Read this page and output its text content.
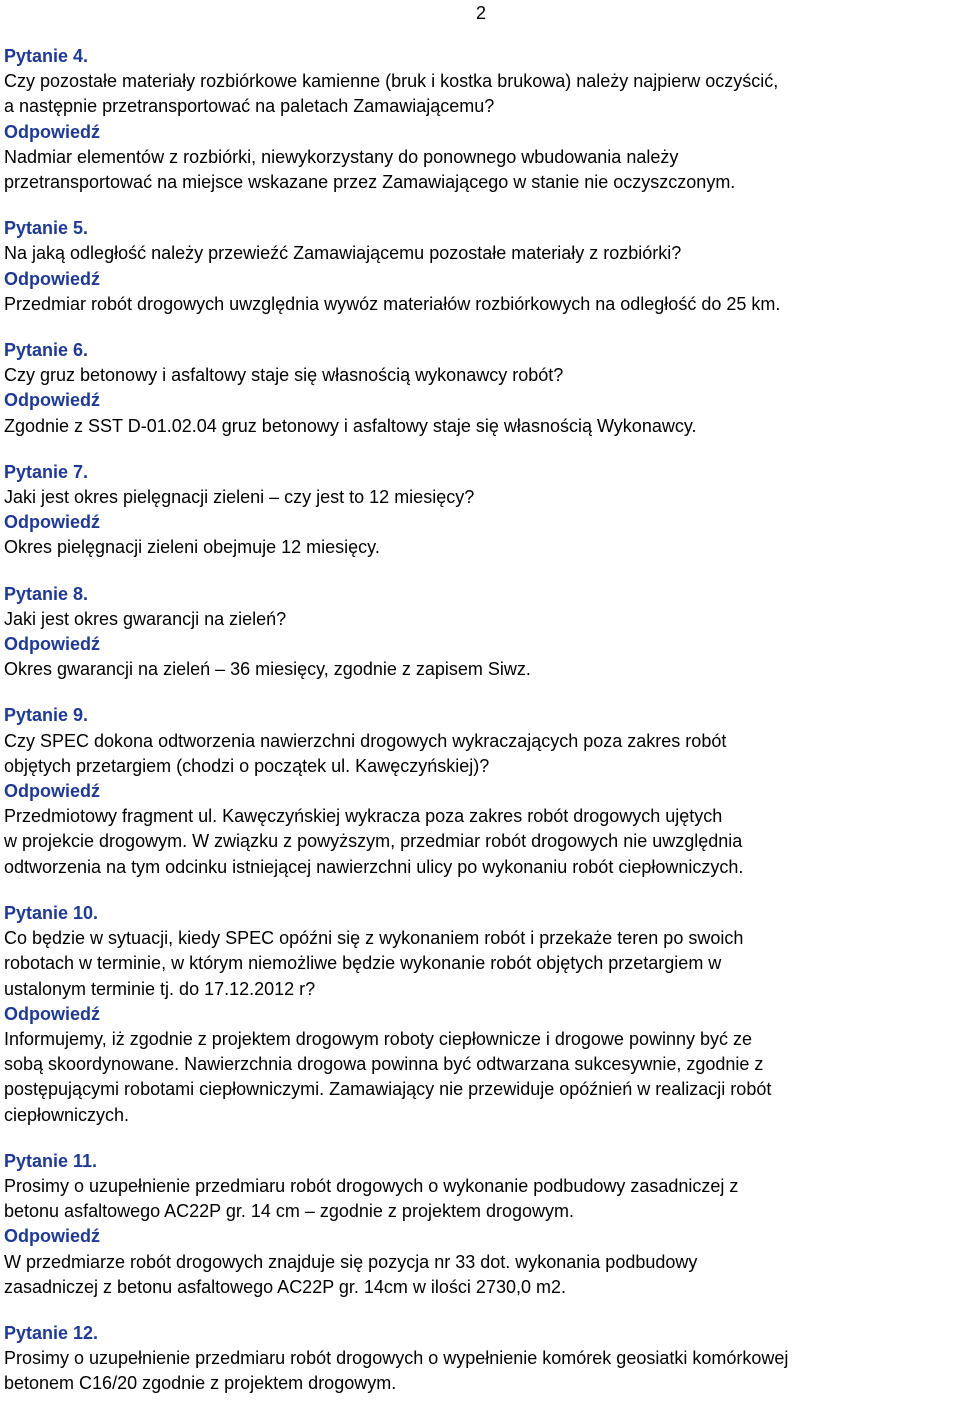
2
Pytanie 4.
Czy pozostałe materiały rozbiórkowe kamienne (bruk i kostka brukowa) należy najpierw oczyścić,
a następnie przetransportować na paletach Zamawiającemu?
Odpowiedź
Nadmiar elementów z rozbiórki, niewykorzystany do ponownego wbudowania należy
przetransportować na miejsce wskazane przez Zamawiającego w stanie nie oczyszczonym.
Pytanie 5.
Na jaką odległość należy przewieźć Zamawiającemu pozostałe materiały z rozbiórki?
Odpowiedź
Przedmiar robót drogowych uwzględnia wywóz materiałów rozbiórkowych na odległość do 25 km.
Pytanie 6.
Czy gruz betonowy i asfaltowy staje się własnością wykonawcy robót?
Odpowiedź
Zgodnie z SST D-01.02.04 gruz betonowy i asfaltowy staje się własnością Wykonawcy.
Pytanie 7.
Jaki jest okres pielęgnacji zieleni – czy jest to 12 miesięcy?
Odpowiedź
Okres pielęgnacji zieleni obejmuje 12 miesięcy.
Pytanie 8.
Jaki jest okres gwarancji na zieleń?
Odpowiedź
Okres gwarancji na zieleń – 36 miesięcy, zgodnie z zapisem Siwz.
Pytanie 9.
Czy SPEC dokona odtworzenia nawierzchni drogowych wykraczających poza zakres robót
objętych przetargiem (chodzi o początek ul. Kawęczyńskiej)?
Odpowiedź
Przedmiotowy fragment ul. Kawęczyńskiej wykracza poza zakres robót drogowych ujętych
w projekcie drogowym. W związku z powyższym, przedmiar robót drogowych nie uwzględnia
odtworzenia na tym odcinku istniejącej nawierzchni ulicy po wykonaniu robót ciepłowniczych.
Pytanie 10.
Co będzie w sytuacji, kiedy SPEC opóźni się z wykonaniem robót i przekaże teren po swoich
robotach w terminie, w którym niemożliwe będzie wykonanie robót objętych przetargiem w
ustalonym terminie tj. do 17.12.2012 r?
Odpowiedź
Informujemy, iż zgodnie z projektem drogowym roboty ciepłownicze i drogowe powinny być ze
sobą skoordynowane. Nawierzchnia drogowa powinna być odtwarzana sukcesywnie, zgodnie z
postępującymi robotami ciepłowniczymi. Zamawiający nie przewiduje opóźnień w realizacji robót
ciepłowniczych.
Pytanie 11.
Prosimy o uzupełnienie przedmiaru robót drogowych o wykonanie podbudowy zasadniczej z
betonu asfaltowego AC22P gr. 14 cm – zgodnie z projektem drogowym.
Odpowiedź
W przedmiarze robót drogowych znajduje się pozycja nr 33 dot. wykonania podbudowy
zasadniczej z betonu asfaltowego AC22P gr. 14cm w ilości 2730,0 m2.
Pytanie 12.
Prosimy o uzupełnienie przedmiaru robót drogowych o wypełnienie komórek geosiatki komórkowej
betonem C16/20 zgodnie z projektem drogowym.
